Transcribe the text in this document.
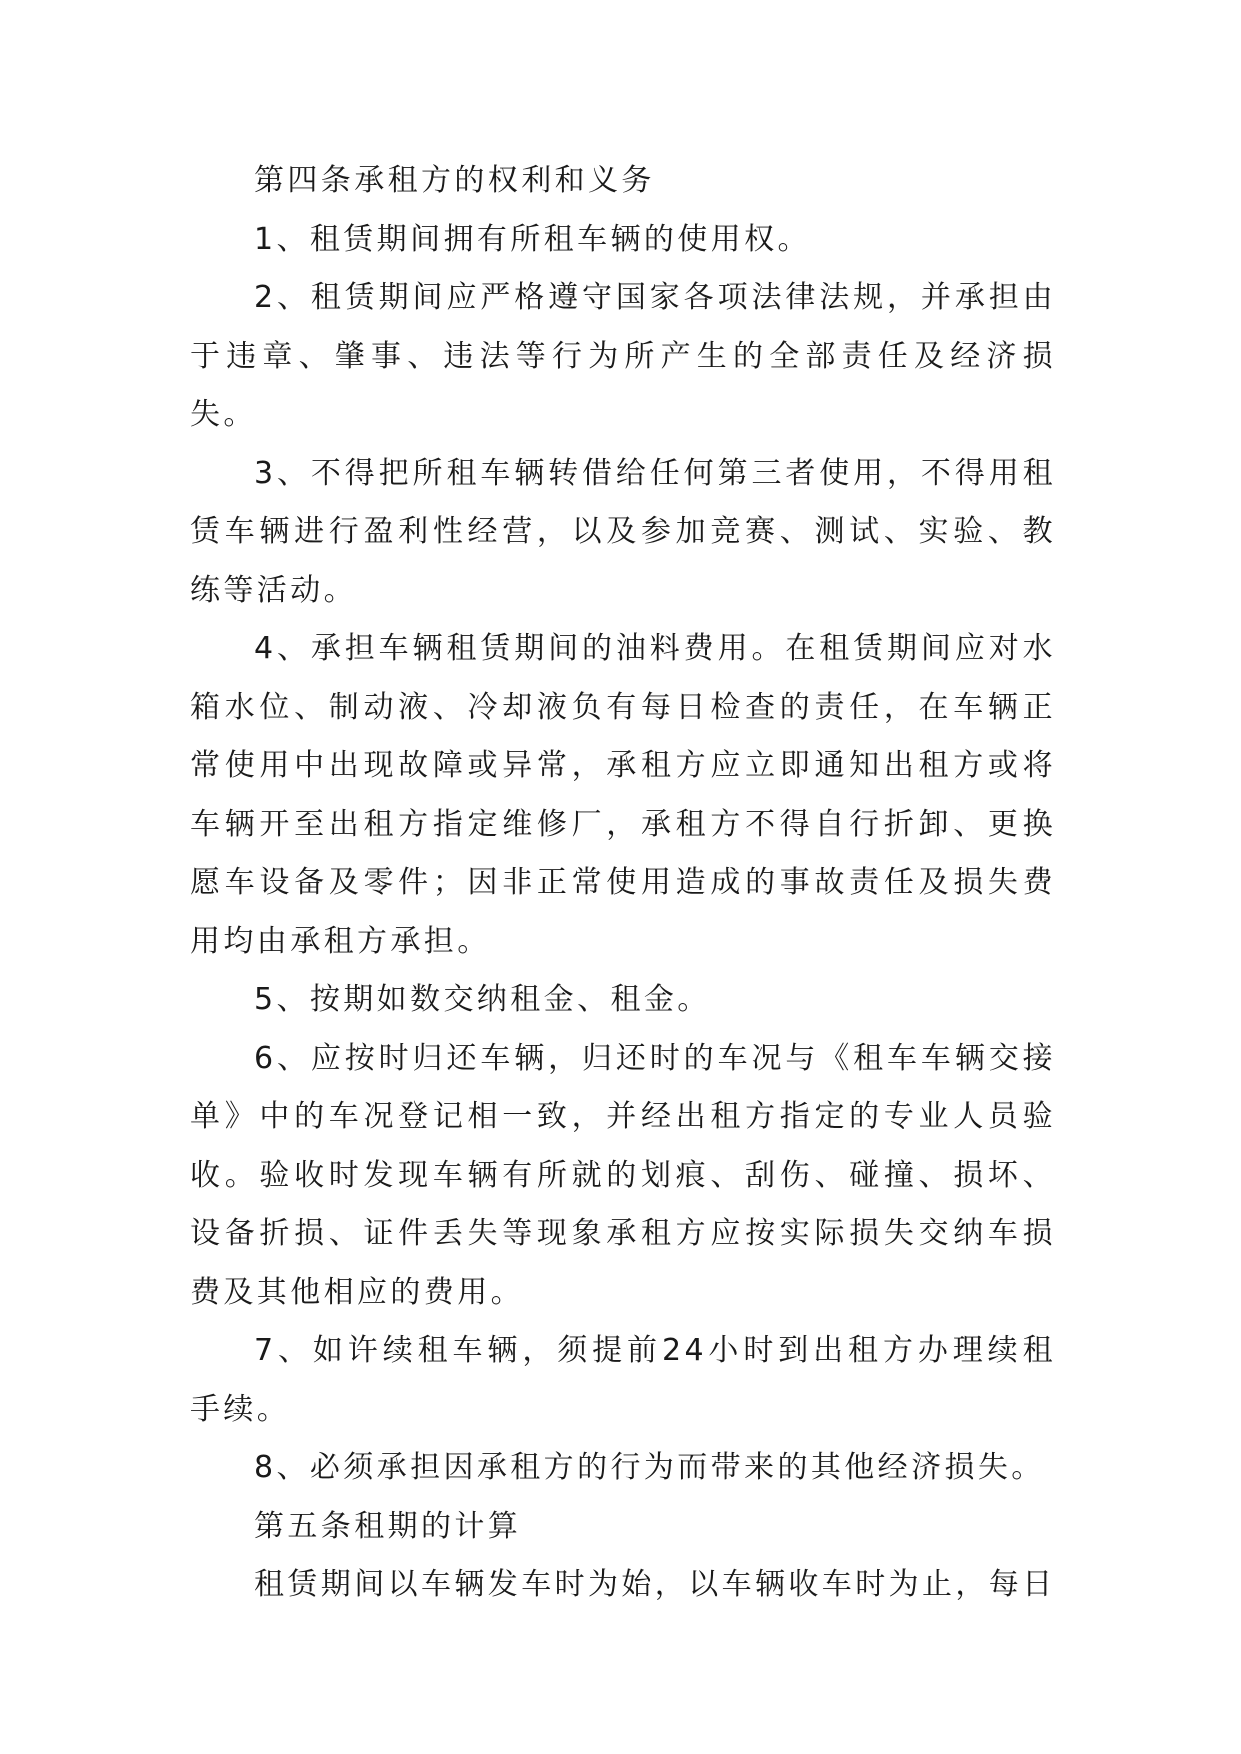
第四条承租方的权利和义务

1、租赁期间拥有所租车辆的使用权。

2、租赁期间应严格遵守国家各项法律法规，并承担由于违章、肇事、违法等行为所产生的全部责任及经济损失。

3、不得把所租车辆转借给任何第三者使用，不得用租赁车辆进行盈利性经营，以及参加竞赛、测试、实验、教练等活动。

4、承担车辆租赁期间的油料费用。在租赁期间应对水箱水位、制动液、冷却液负有每日检查的责任，在车辆正常使用中出现故障或异常，承租方应立即通知出租方或将车辆开至出租方指定维修厂，承租方不得自行折卸、更换愿车设备及零件；因非正常使用造成的事故责任及损失费用均由承租方承担。

5、按期如数交纳租金、租金。

6、应按时归还车辆，归还时的车况与《租车车辆交接单》中的车况登记相一致，并经出租方指定的专业人员验收。验收时发现车辆有所就的划痕、刮伤、碰撞、损坏、设备折损、证件丢失等现象承租方应按实际损失交纳车损费及其他相应的费用。

7、如许续租车辆，须提前24小时到出租方办理续租手续。

8、必须承担因承租方的行为而带来的其他经济损失。

第五条租期的计算

租赁期间以车辆发车时为始，以车辆收车时为止，每日
